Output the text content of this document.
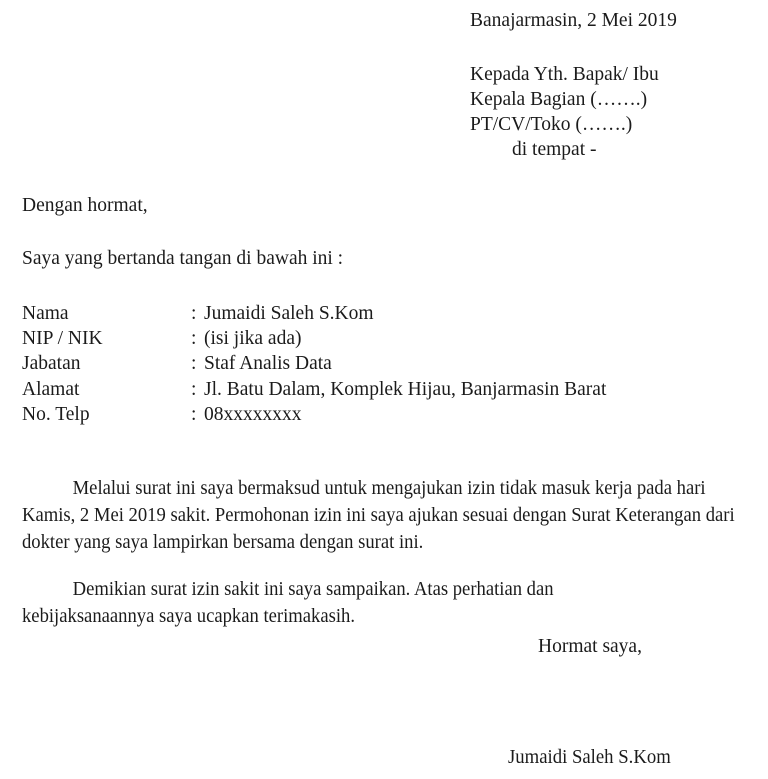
Banajarmasin, 2 Mei 2019
Kepada Yth. Bapak/ Ibu
Kepala Bagian (…….)
PT/CV/Toko (…….)
di tempat -
Dengan hormat,
Saya yang bertanda tangan di bawah ini :
Nama	:	Jumaidi Saleh S.Kom
NIP / NIK	:	(isi jika ada)
Jabatan	:	Staf Analis Data
Alamat	:	Jl. Batu Dalam, Komplek Hijau, Banjarmasin Barat
No. Telp	:	08xxxxxxxx

Melalui surat ini saya bermaksud untuk mengajukan izin tidak masuk kerja pada hari Kamis, 2 Mei 2019 sakit. Permohonan izin ini saya ajukan sesuai dengan Surat Keterangan dari dokter yang saya lampirkan bersama dengan surat ini.

Demikian surat izin sakit ini saya sampaikan. Atas perhatian dan kebijaksanaannya saya ucapkan terimakasih.

Hormat saya,
Jumaidi Saleh S.Kom
